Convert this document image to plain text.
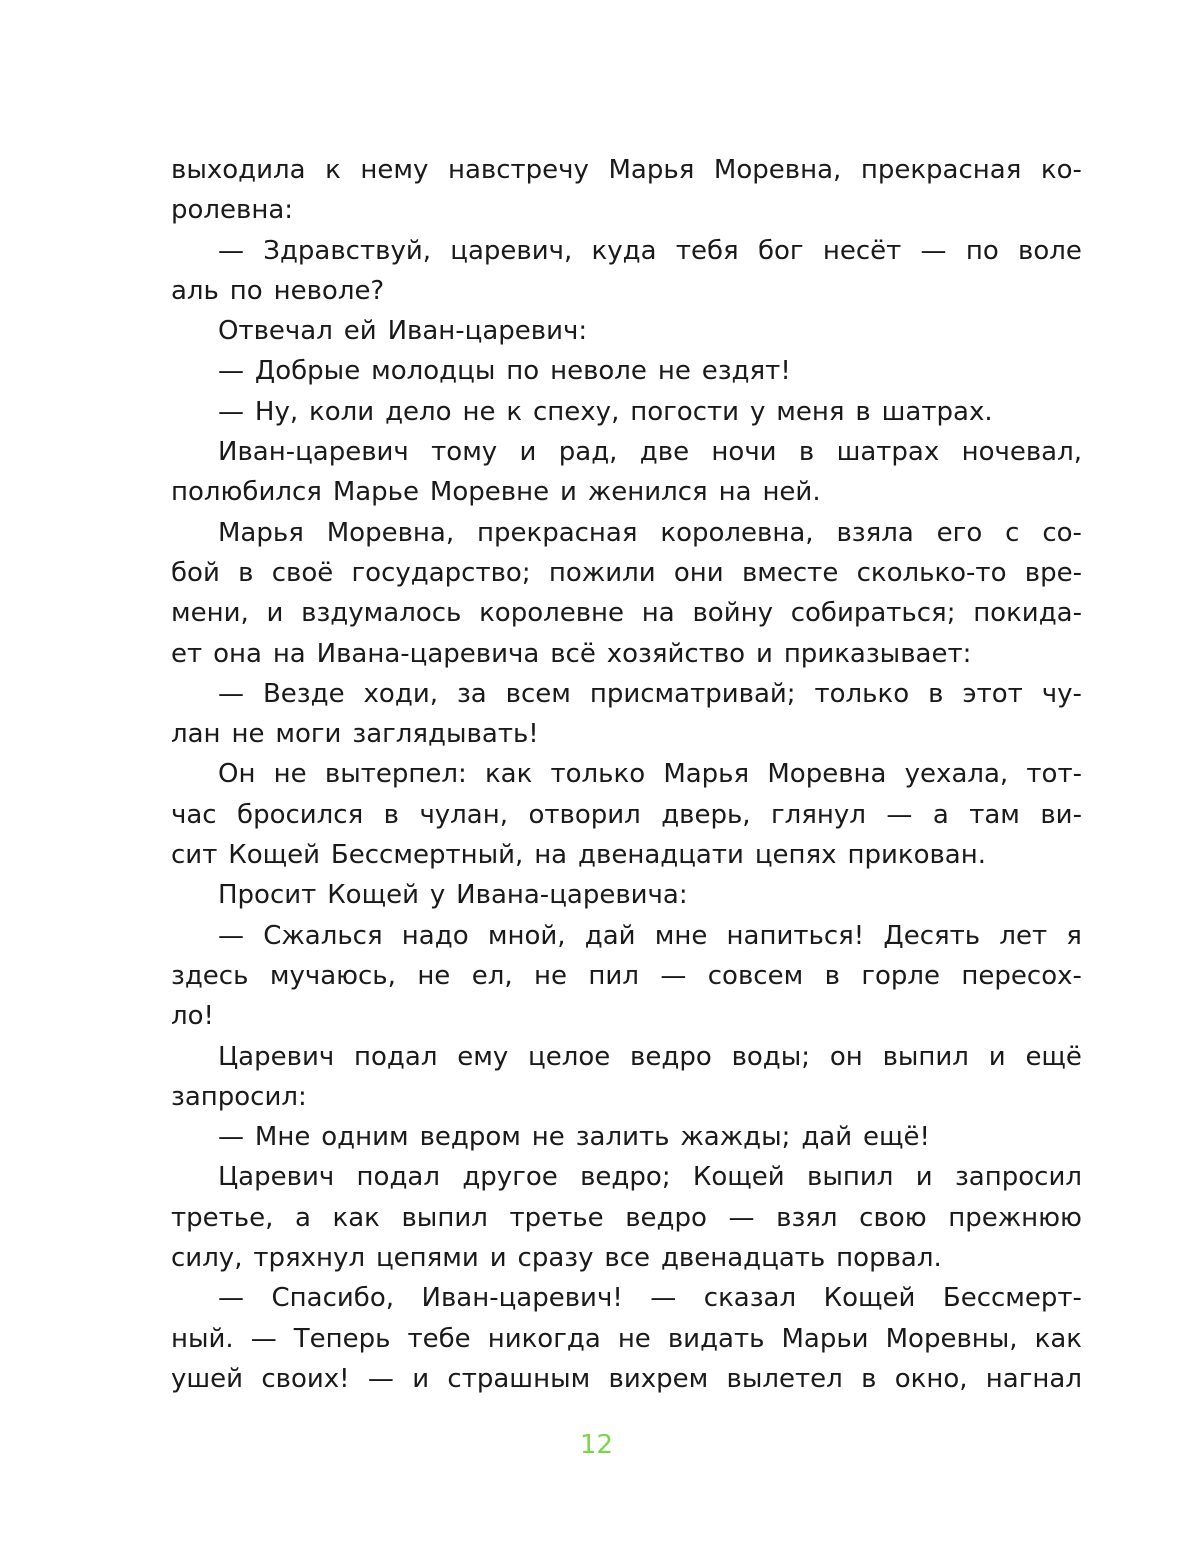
выходила к нему навстречу Марья Моревна, прекрасная ко-
ролевна:
— Здравствуй, царевич, куда тебя бог несёт — по воле
аль по неволе?
Отвечал ей Иван-царевич:
— Добрые молодцы по неволе не ездят!
— Ну, коли дело не к спеху, погости у меня в шатрах.
Иван-царевич тому и рад, две ночи в шатрах ночевал,
полюбился Марье Моревне и женился на ней.
Марья Моревна, прекрасная королевна, взяла его с со-
бой в своё государство; пожили они вместе сколько-то вре-
мени, и вздумалось королевне на войну собираться; покида-
ет она на Ивана-царевича всё хозяйство и приказывает:
— Везде ходи, за всем присматривай; только в этот чу-
лан не моги заглядывать!
Он не вытерпел: как только Марья Моревна уехала, тот-
час бросился в чулан, отворил дверь, глянул — а там ви-
сит Кощей Бессмертный, на двенадцати цепях прикован.
Просит Кощей у Ивана-царевича:
— Сжалься надо мной, дай мне напиться! Десять лет я
здесь мучаюсь, не ел, не пил — совсем в горле пересох-
ло!
Царевич подал ему целое ведро воды; он выпил и ещё
запросил:
— Мне одним ведром не залить жажды; дай ещё!
Царевич подал другое ведро; Кощей выпил и запросил
третье, а как выпил третье ведро — взял свою прежнюю
силу, тряхнул цепями и сразу все двенадцать порвал.
— Спасибо, Иван-царевич! — сказал Кощей Бессмерт-
ный. — Теперь тебе никогда не видать Марьи Моревны, как
ушей своих! — и страшным вихрем вылетел в окно, нагнал
12
